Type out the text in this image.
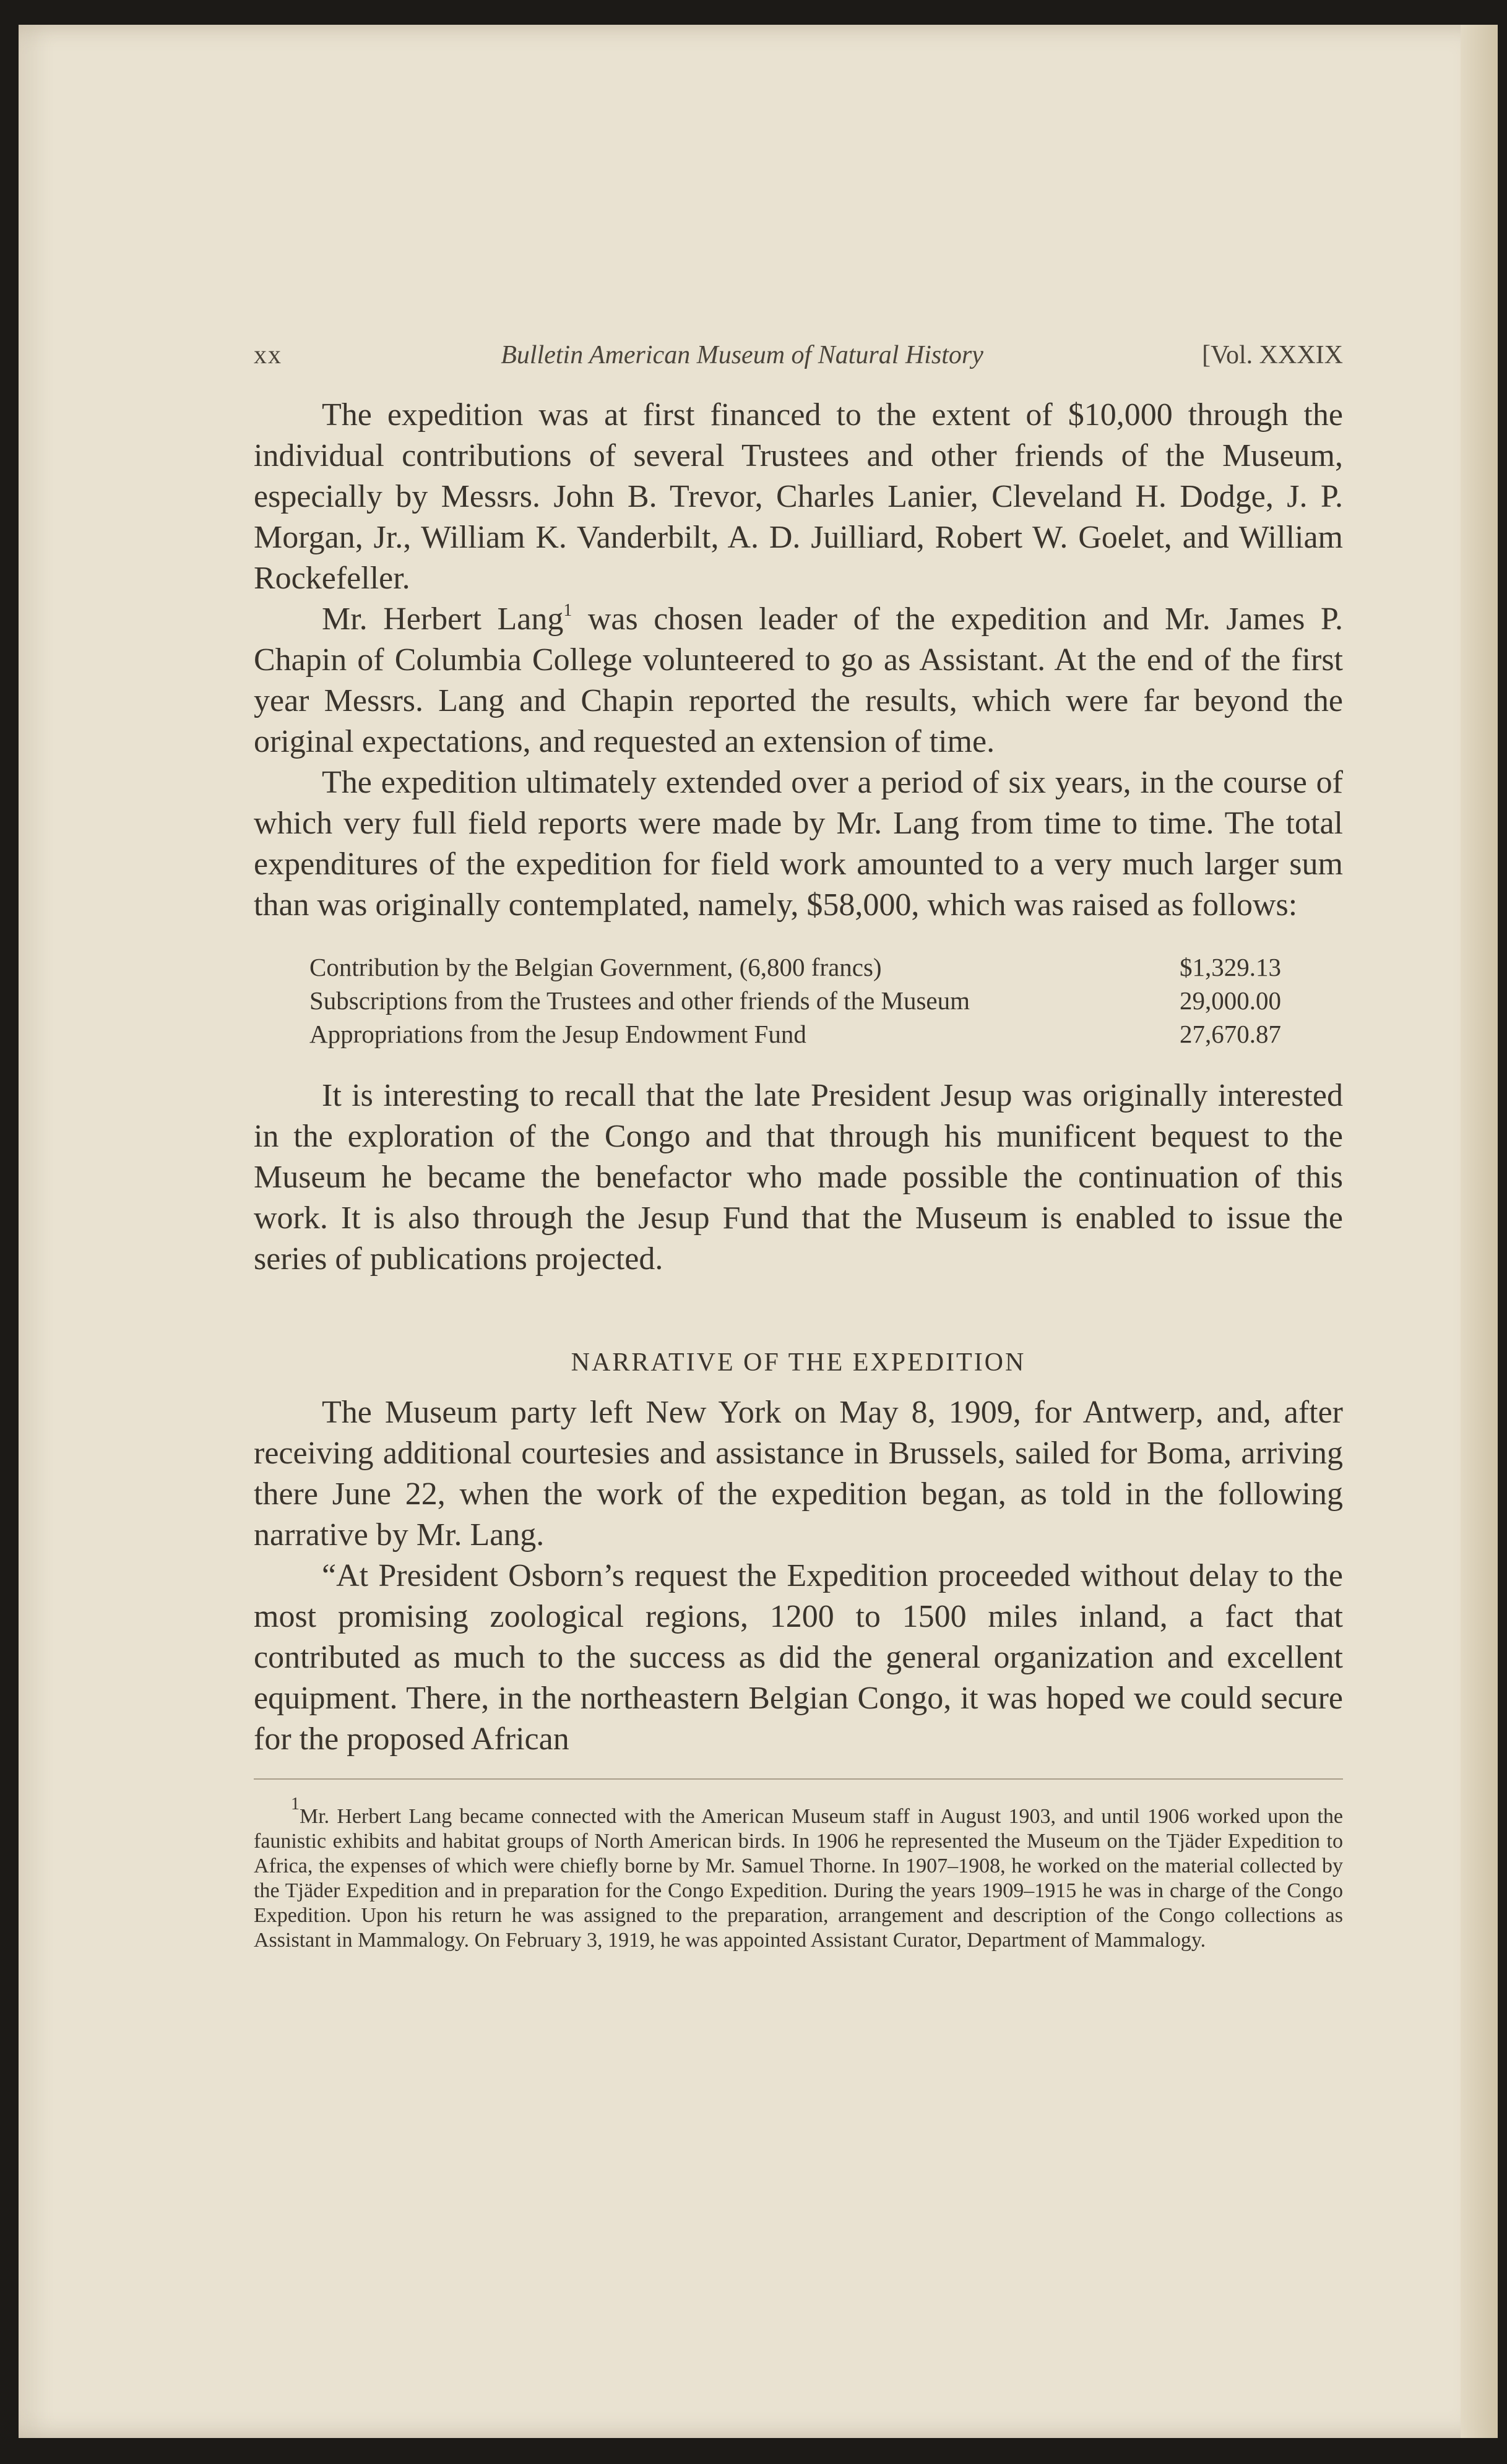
xx	Bulletin American Museum of Natural History	[Vol. XXXIX

The expedition was at first financed to the extent of $10,000 through the individual contributions of several Trustees and other friends of the Museum, especially by Messrs. John B. Trevor, Charles Lanier, Cleveland H. Dodge, J. P. Morgan, Jr., William K. Vanderbilt, A. D. Juilliard, Robert W. Goelet, and William Rockefeller.

Mr. Herbert Lang$^1$ was chosen leader of the expedition and Mr. James P. Chapin of Columbia College volunteered to go as Assistant. At the end of the first year Messrs. Lang and Chapin reported the results, which were far beyond the original expectations, and requested an extension of time.

The expedition ultimately extended over a period of six years, in the course of which very full field reports were made by Mr. Lang from time to time. The total expenditures of the expedition for field work amounted to a very much larger sum than was originally contemplated, namely, $58,000, which was raised as follows:

Contribution by the Belgian Government, (6,800 francs)	$1,329.13
Subscriptions from the Trustees and other friends of the Museum	29,000.00
Appropriations from the Jesup Endowment Fund	27,670.87

It is interesting to recall that the late President Jesup was originally interested in the exploration of the Congo and that through his munificent bequest to the Museum he became the benefactor who made possible the continuation of this work. It is also through the Jesup Fund that the Museum is enabled to issue the series of publications projected.

NARRATIVE OF THE EXPEDITION

The Museum party left New York on May 8, 1909, for Antwerp, and, after receiving additional courtesies and assistance in Brussels, sailed for Boma, arriving there June 22, when the work of the expedition began, as told in the following narrative by Mr. Lang.

“At President Osborn’s request the Expedition proceeded without delay to the most promising zoological regions, 1200 to 1500 miles inland, a fact that contributed as much to the success as did the general organization and excellent equipment. There, in the northeastern Belgian Congo, it was hoped we could secure for the proposed African

$^1$Mr. Herbert Lang became connected with the American Museum staff in August 1903, and until 1906 worked upon the faunistic exhibits and habitat groups of North American birds. In 1906 he represented the Museum on the Tjäder Expedition to Africa, the expenses of which were chiefly borne by Mr. Samuel Thorne. In 1907–1908, he worked on the material collected by the Tjäder Expedition and in preparation for the Congo Expedition. During the years 1909–1915 he was in charge of the Congo Expedition. Upon his return he was assigned to the preparation, arrangement and description of the Congo collections as Assistant in Mammalogy. On February 3, 1919, he was appointed Assistant Curator, Department of Mammalogy.
